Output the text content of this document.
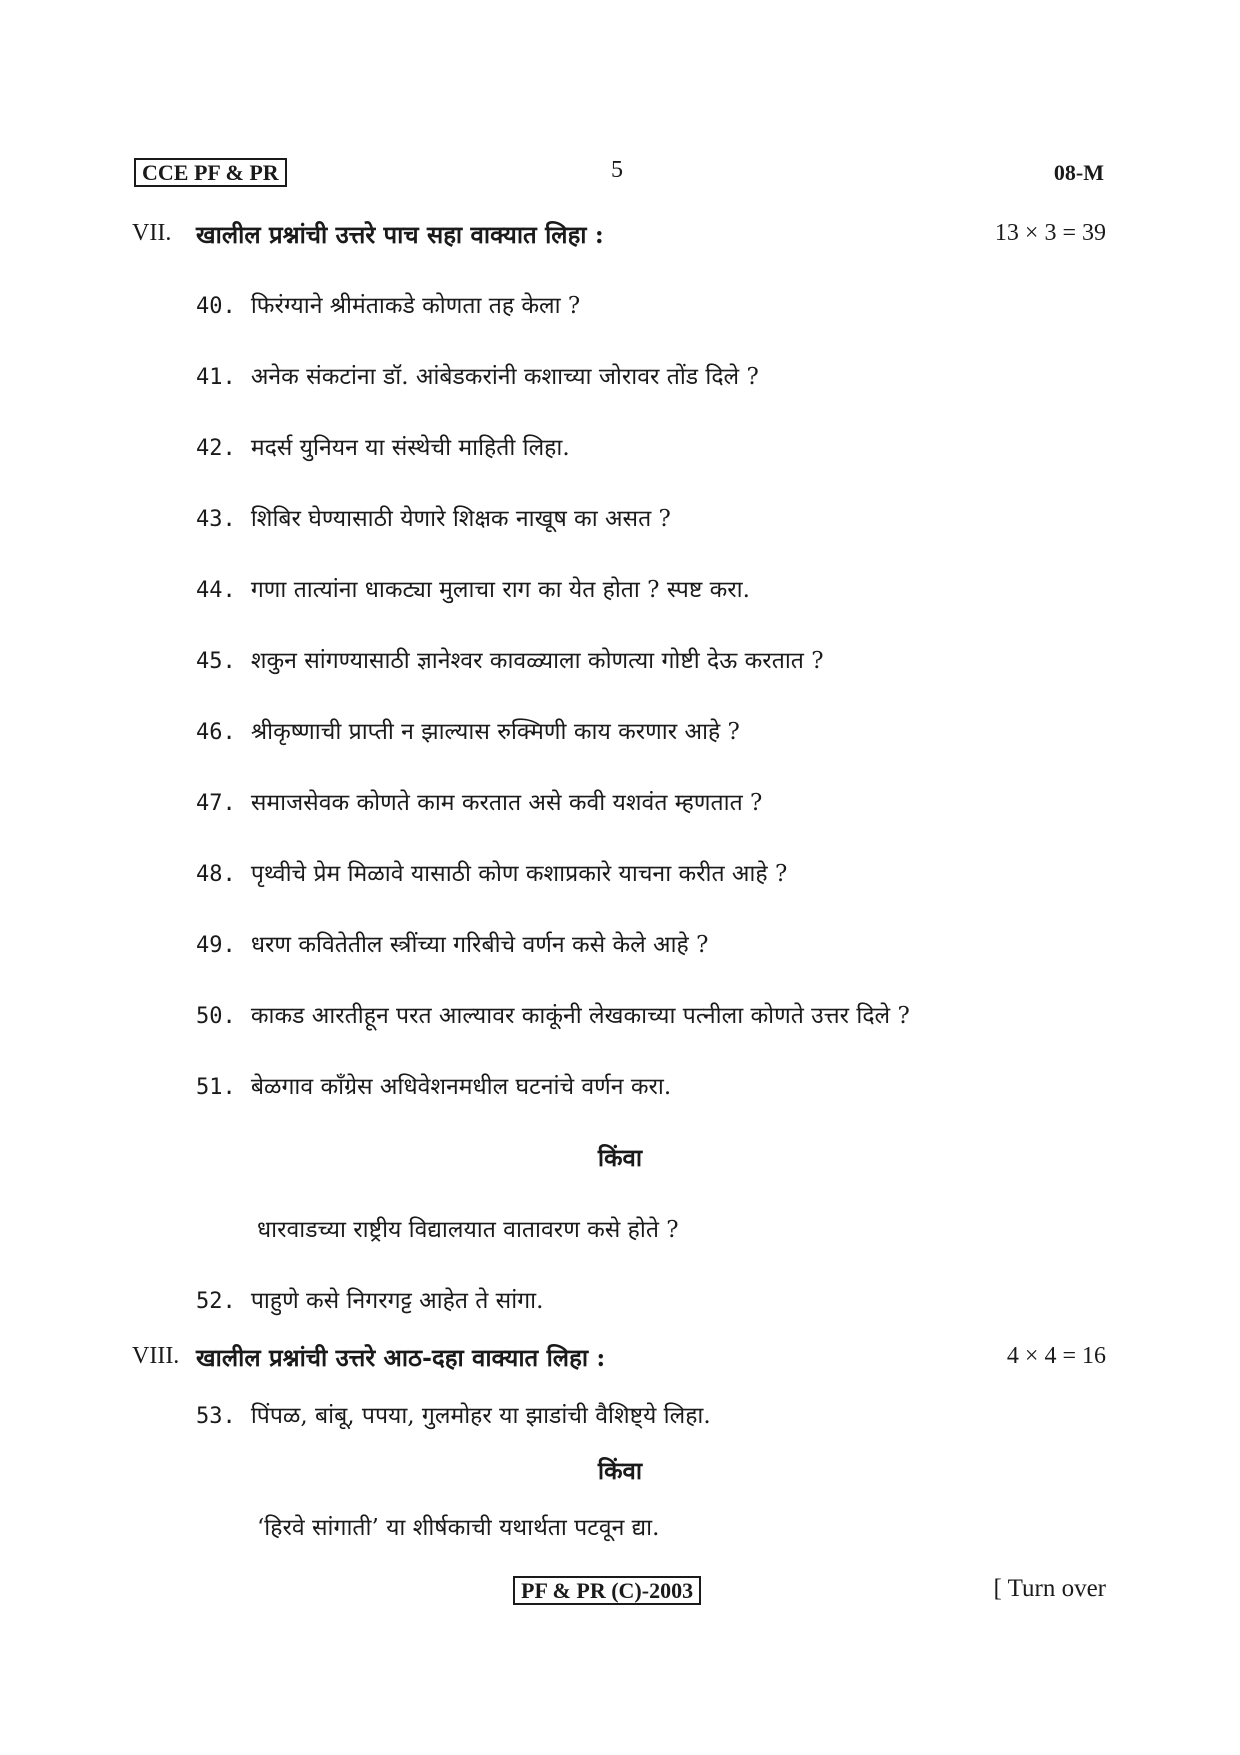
CCE PF & PR	5	08-M
VII. खालील प्रश्नांची उत्तरे पाच सहा वाक्यात लिहा :	13 × 3 = 39
40. फिरंग्याने श्रीमंताकडे कोणता तह केला ?
41. अनेक संकटांना डॉ. आंबेडकरांनी कशाच्या जोरावर तोंड दिले ?
42. मदर्स युनियन या संस्थेची माहिती लिहा.
43. शिबिर घेण्यासाठी येणारे शिक्षक नाखूष का असत ?
44. गणा तात्यांना धाकट्या मुलाचा राग का येत होता ? स्पष्ट करा.
45. शकुन सांगण्यासाठी ज्ञानेश्वर कावळ्याला कोणत्या गोष्टी देऊ करतात ?
46. श्रीकृष्णाची प्राप्ती न झाल्यास रुक्मिणी काय करणार आहे ?
47. समाजसेवक कोणते काम करतात असे कवी यशवंत म्हणतात ?
48. पृथ्वीचे प्रेम मिळावे यासाठी कोण कशाप्रकारे याचना करीत आहे ?
49. धरण कवितेतील स्त्रींच्या गरिबीचे वर्णन कसे केले आहे ?
50. काकड आरतीहून परत आल्यावर काकूंनी लेखकाच्या पत्नीला कोणते उत्तर दिले ?
51. बेळगाव काँग्रेस अधिवेशनमधील घटनांचे वर्णन करा.
किंवा
धारवाडच्या राष्ट्रीय विद्यालयात वातावरण कसे होते ?
52. पाहुणे कसे निगरगट्ट आहेत ते सांगा.
VIII. खालील प्रश्नांची उत्तरे आठ-दहा वाक्यात लिहा :	4 × 4 = 16
53. पिंपळ, बांबू, पपया, गुलमोहर या झाडांची वैशिष्ट्ये लिहा.
किंवा
‘हिरवे सांगाती’ या शीर्षकाची यथार्थता पटवून द्या.
PF & PR (C)-2003	[ Turn over
